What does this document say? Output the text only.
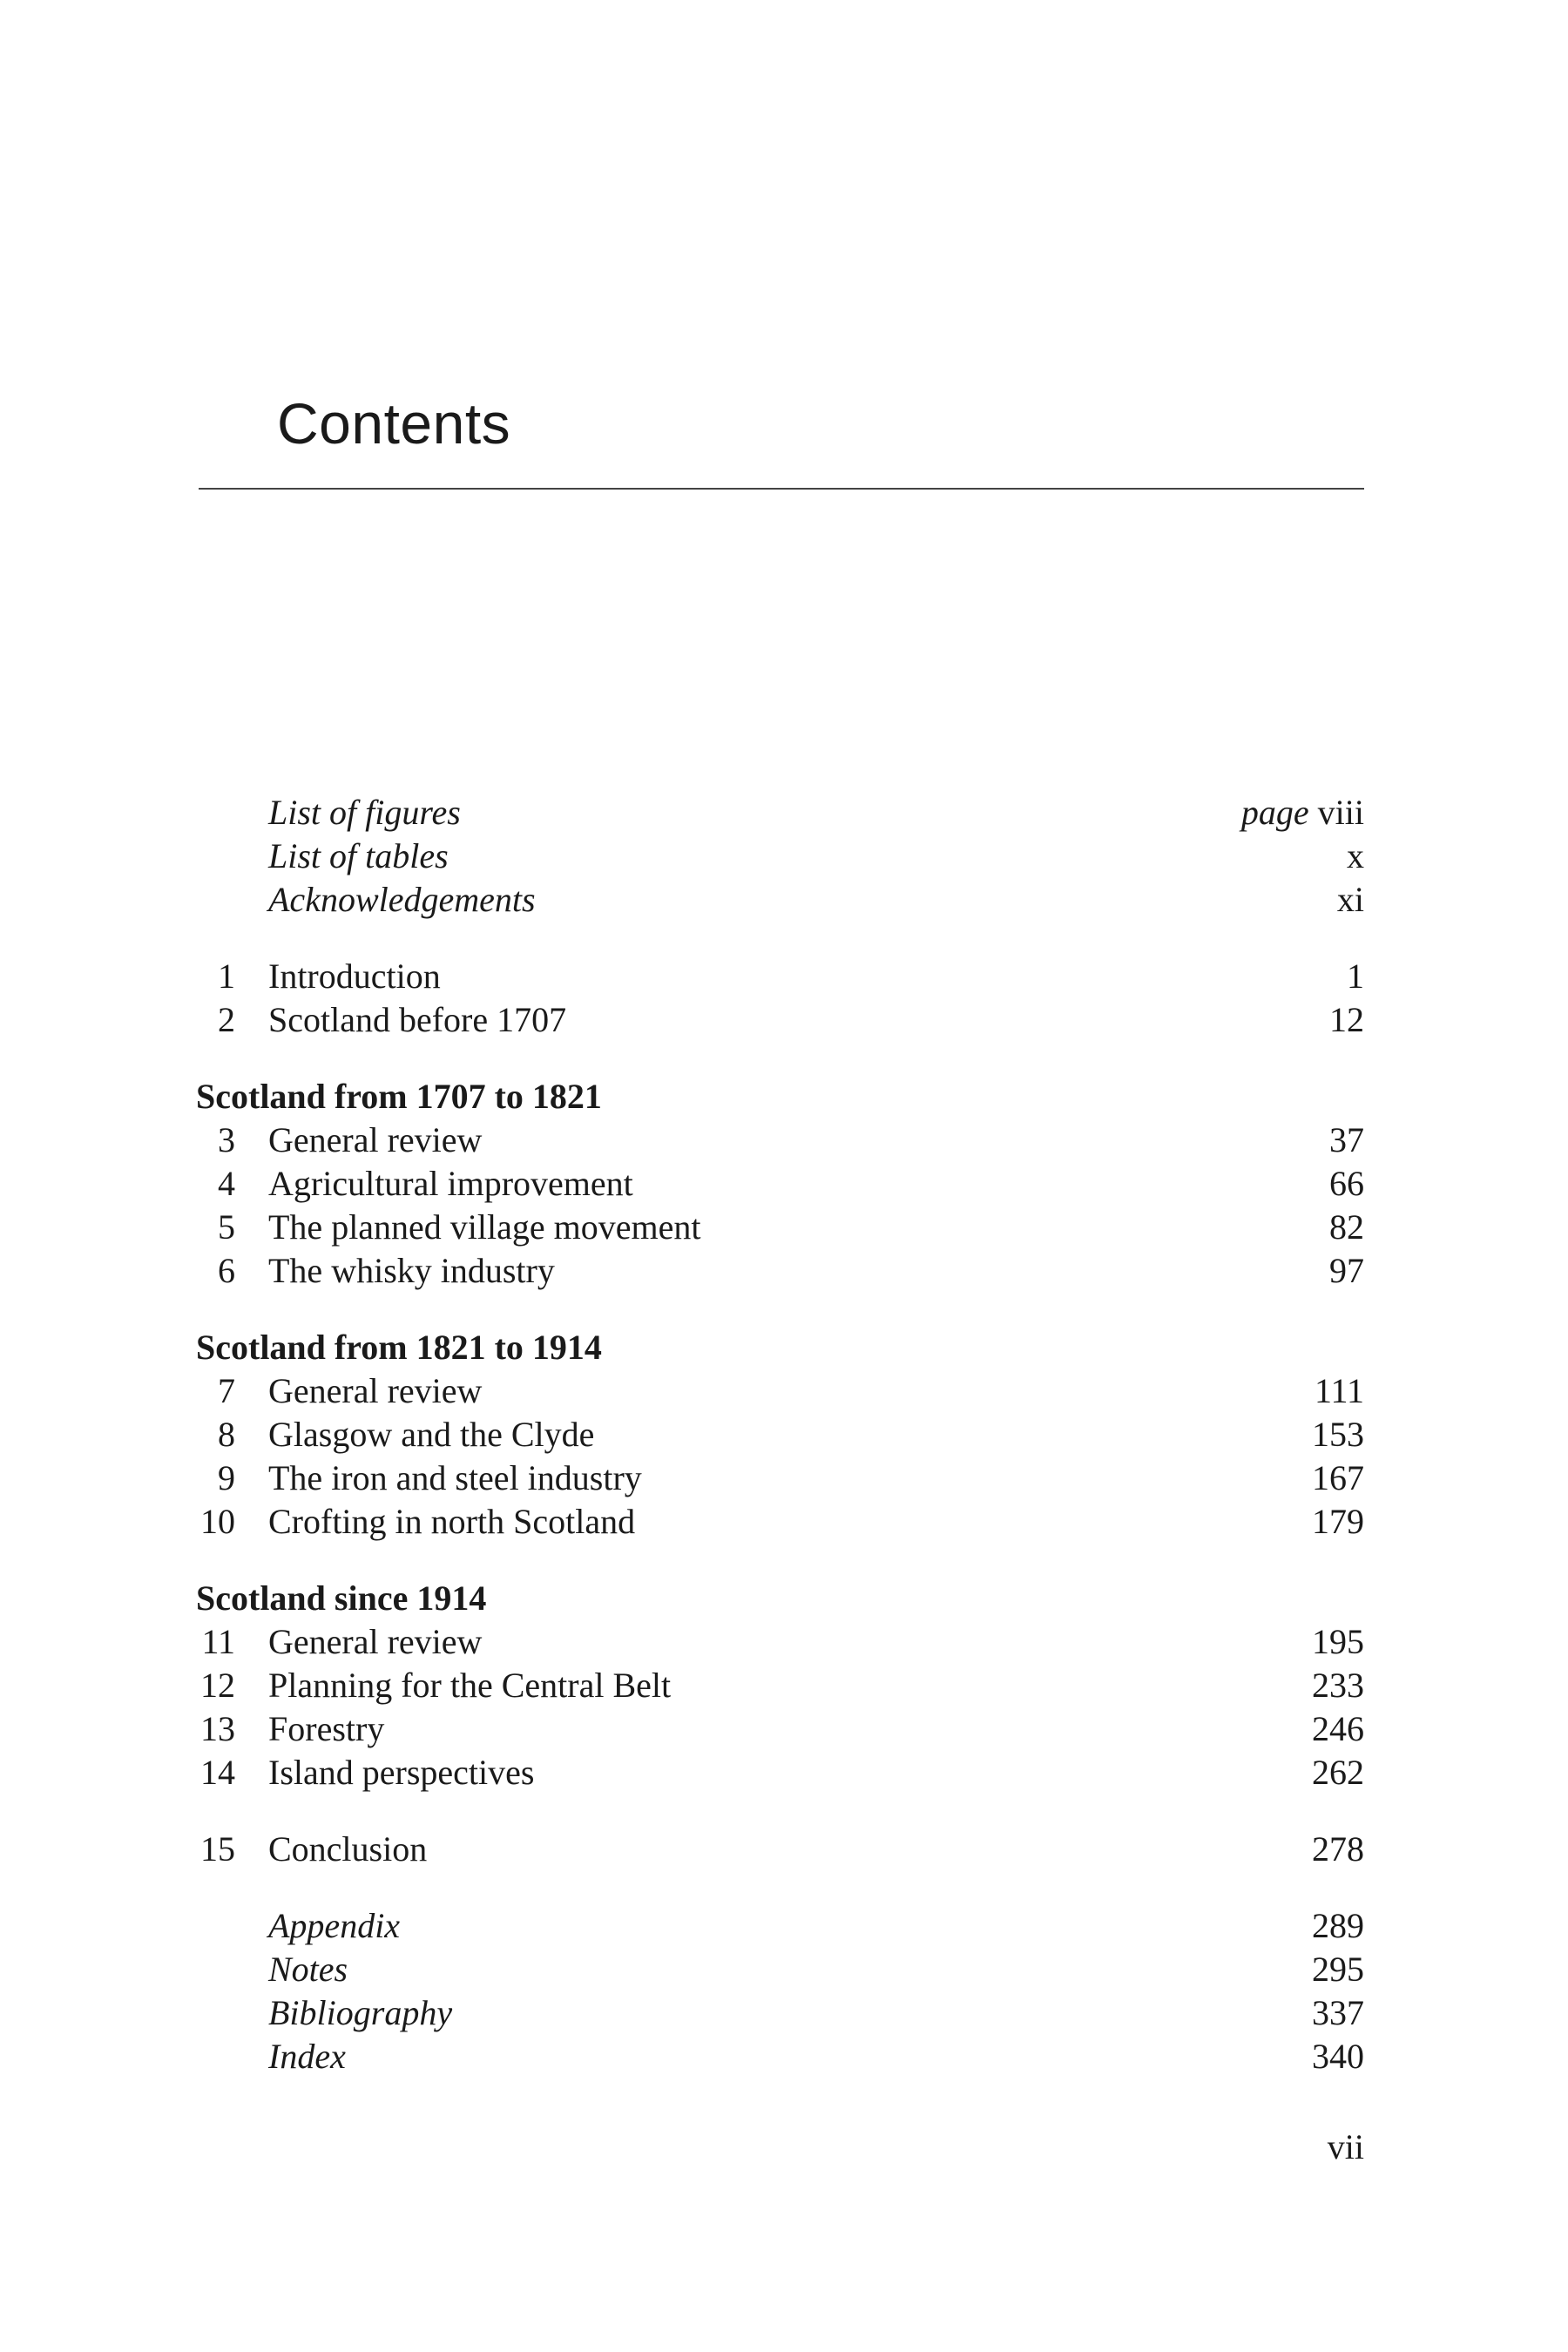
Contents
List of figures	page viii
List of tables	x
Acknowledgements	xi
1 Introduction	1
2 Scotland before 1707	12
Scotland from 1707 to 1821
3 General review	37
4 Agricultural improvement	66
5 The planned village movement	82
6 The whisky industry	97
Scotland from 1821 to 1914
7 General review	111
8 Glasgow and the Clyde	153
9 The iron and steel industry	167
10 Crofting in north Scotland	179
Scotland since 1914
11 General review	195
12 Planning for the Central Belt	233
13 Forestry	246
14 Island perspectives	262
15 Conclusion	278
Appendix	289
Notes	295
Bibliography	337
Index	340
vii
